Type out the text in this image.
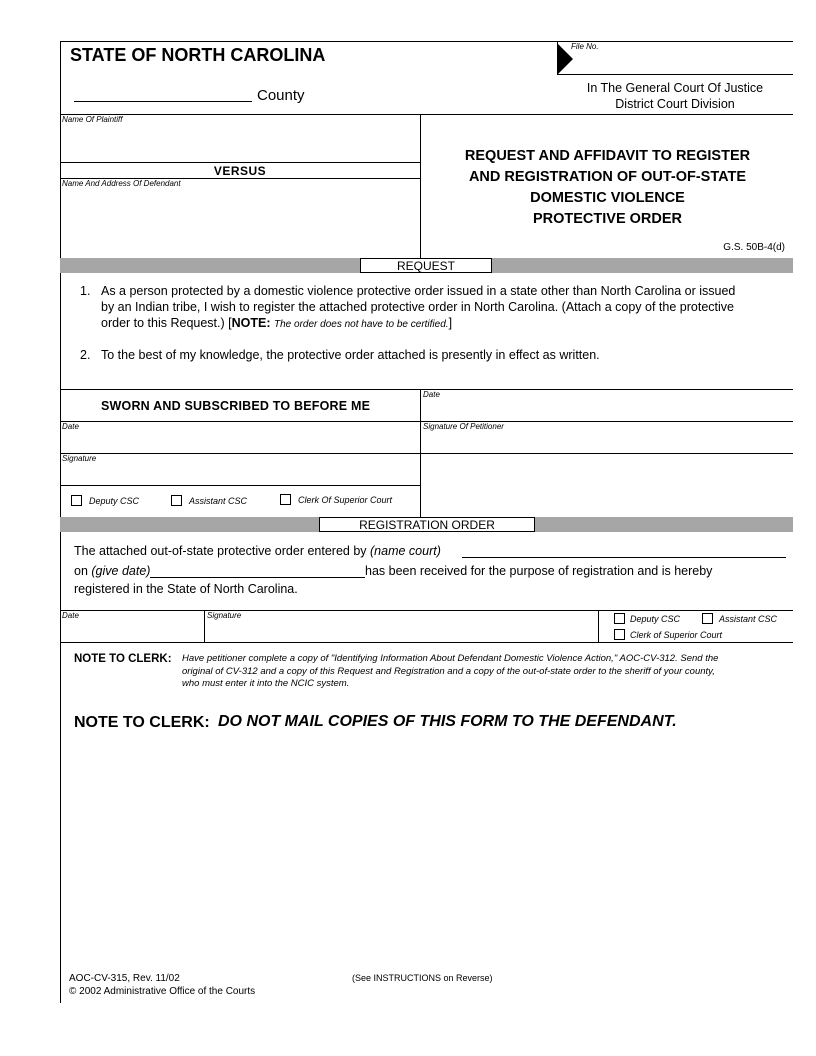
STATE OF NORTH CAROLINA
County
File No.
In The General Court Of Justice
District Court Division
Name Of Plaintiff
VERSUS
Name And Address Of Defendant
REQUEST AND AFFIDAVIT TO REGISTER
AND REGISTRATION OF OUT-OF-STATE
DOMESTIC VIOLENCE
PROTECTIVE ORDER
G.S. 50B-4(d)
REQUEST
1. As a person protected by a domestic violence protective order issued in a state other than North Carolina or issued
by an Indian tribe, I wish to register the attached protective order in North Carolina. (Attach a copy of the protective
order to this Request.) [NOTE: The order does not have to be certified.]
2. To the best of my knowledge, the protective order attached is presently in effect as written.
SWORN AND SUBSCRIBED TO BEFORE ME
Date
Date	Signature Of Petitioner
Signature
Deputy CSC	Assistant CSC	Clerk Of Superior Court
REGISTRATION ORDER
The attached out-of-state protective order entered by (name court)
on (give date)	has been received for the purpose of registration and is hereby
registered in the State of North Carolina.
Date	Signature	Deputy CSC	Assistant CSC
Clerk of Superior Court
NOTE TO CLERK: Have petitioner complete a copy of "Identifying Information About Defendant Domestic Violence Action," AOC-CV-312. Send the
original of CV-312 and a copy of this Request and Registration and a copy of the out-of-state order to the sheriff of your county,
who must enter it into the NCIC system.
NOTE TO CLERK: DO NOT MAIL COPIES OF THIS FORM TO THE DEFENDANT.
AOC-CV-315, Rev. 11/02
© 2002 Administrative Office of the Courts
(See INSTRUCTIONS on Reverse)
